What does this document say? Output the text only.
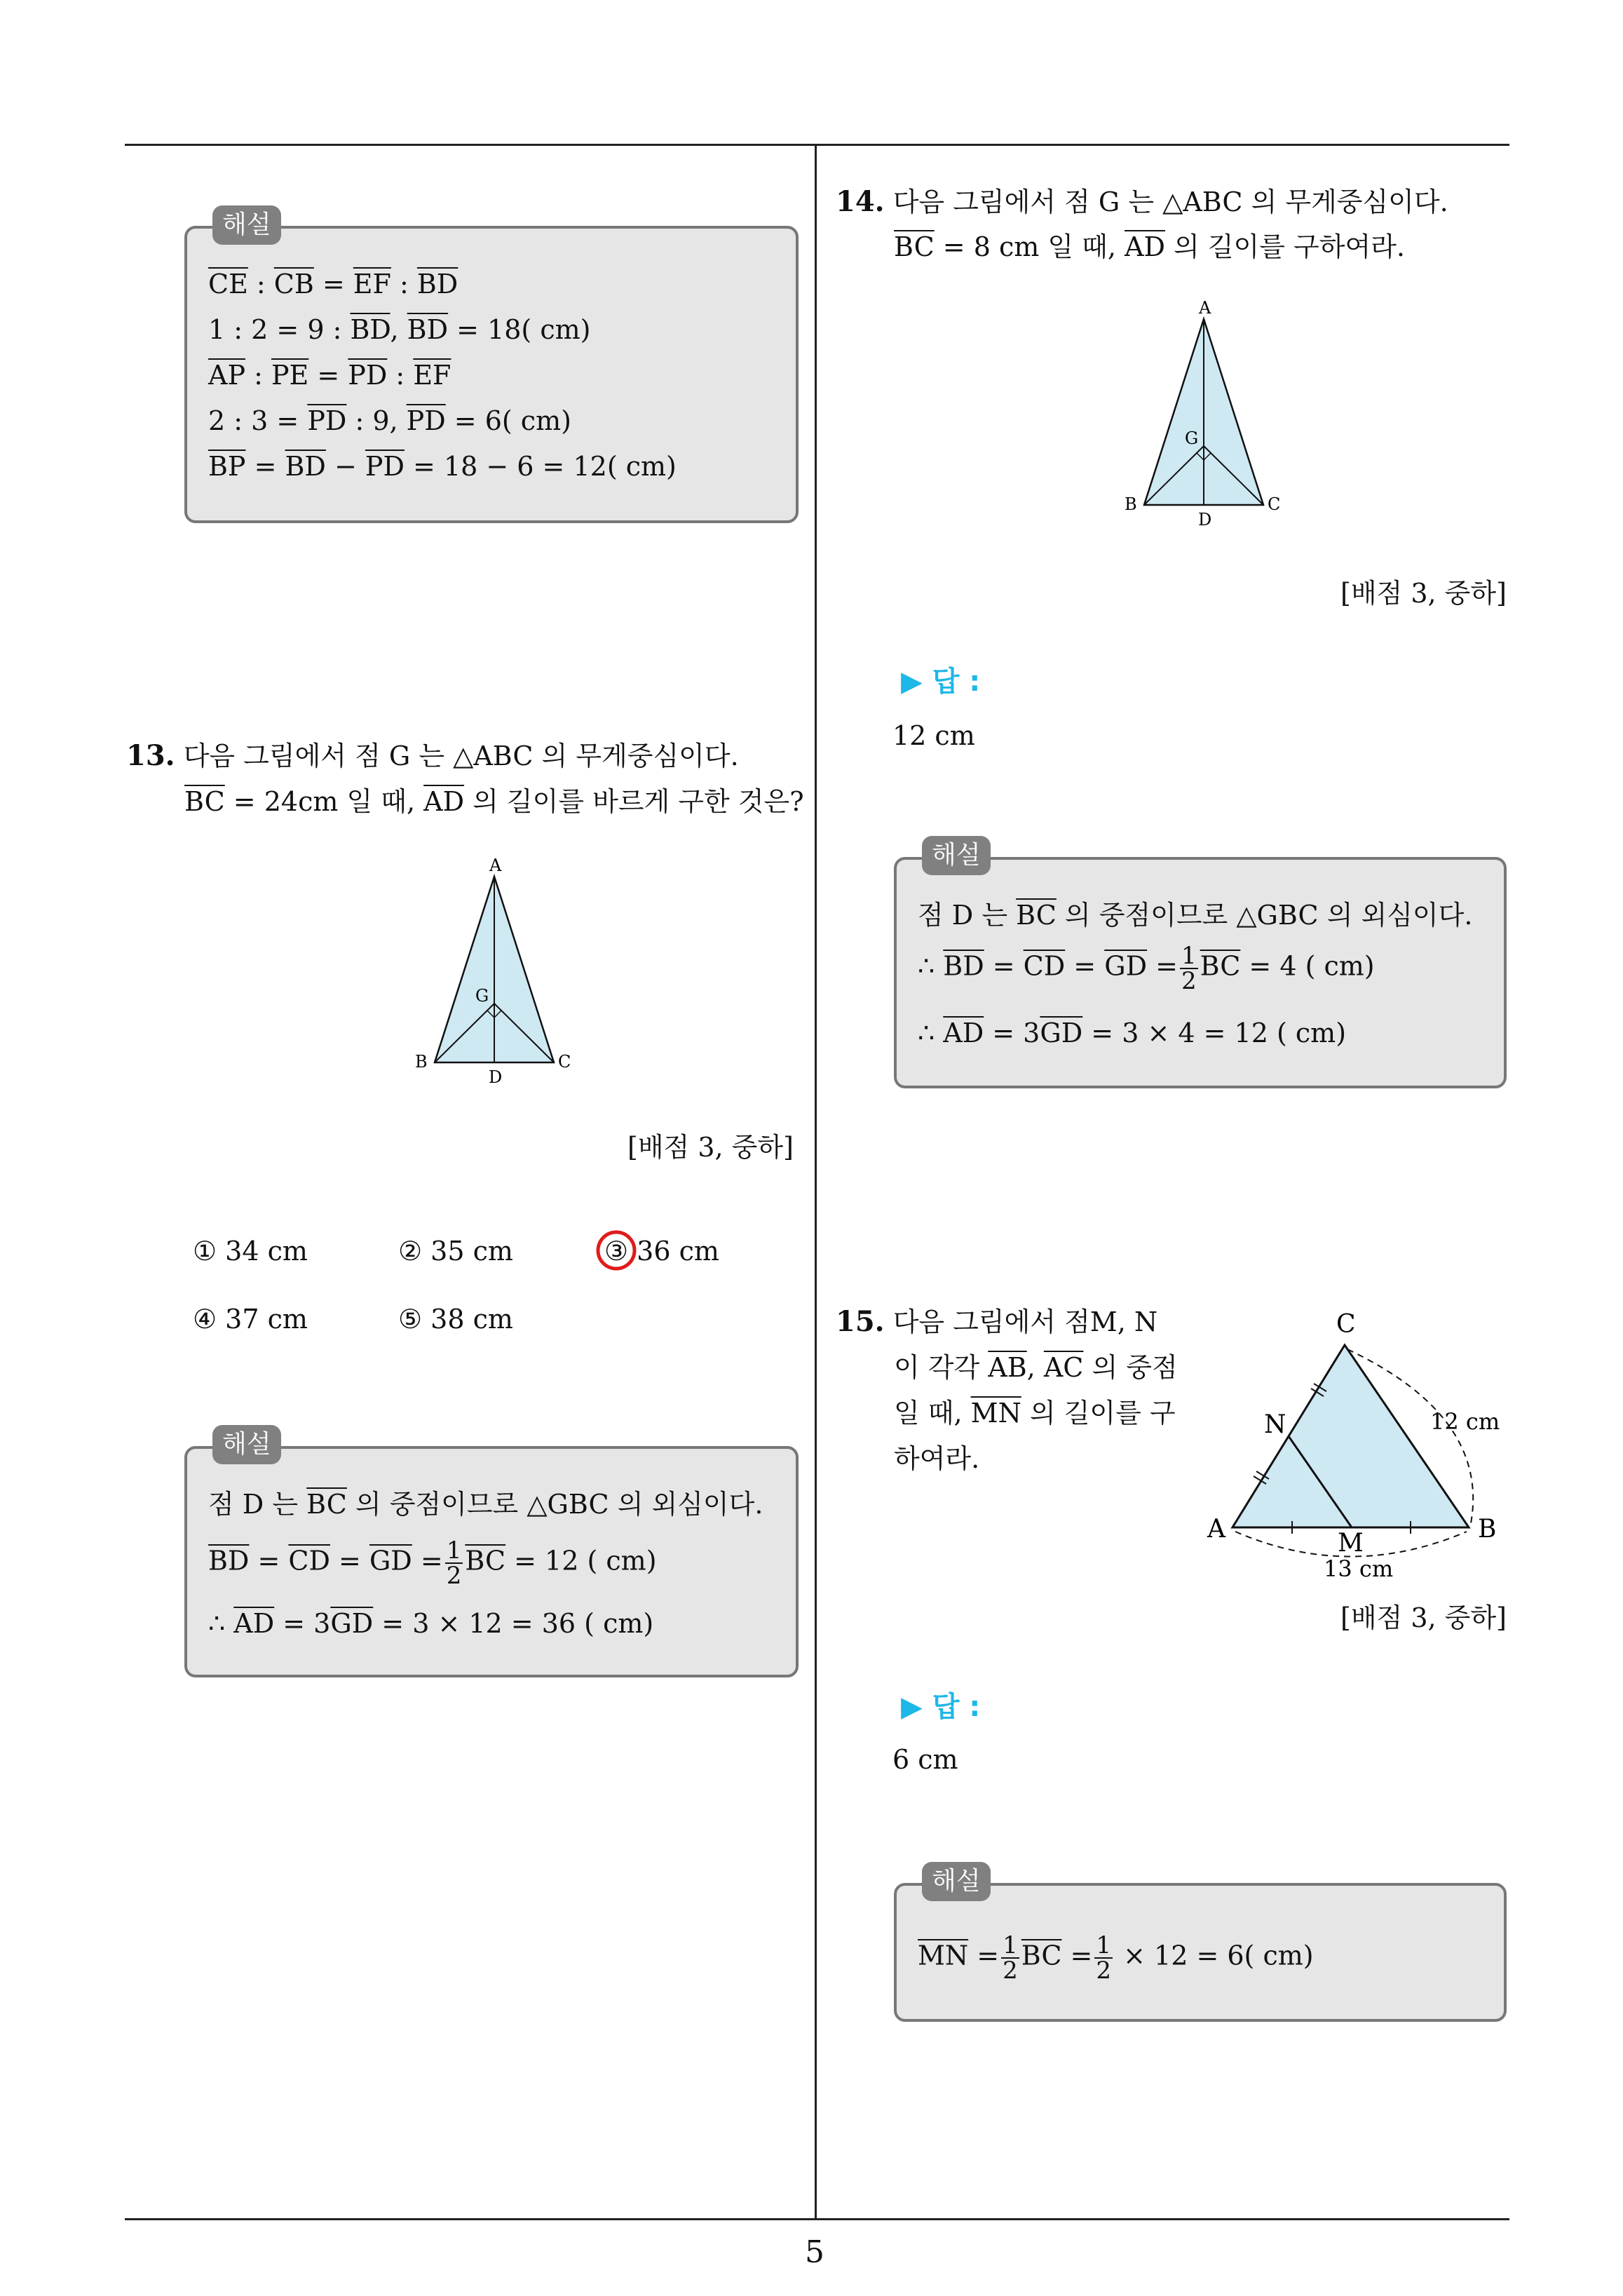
5
$\overline{CE}$ : $\overline{CB} = \overline{EF}$ : $\overline{BD}$
1 : 2 = 9 : $\overline{BD}$, $\overline{BD} = 18$( cm)
$\overline{AP}$ : $\overline{PE} = \overline{PD}$ : $\overline{EF}$
2 : $3 = \overline{PD}$ : 9, $\overline{PD} = 6$( cm)
$\overline{BP} = \overline{BD} - \overline{PD} = 18 - 6 = 12$( cm)
해설
13. 다음 그림에서 점 G 는 △ABC 의 무게중심이다.
$\overline{BC} = 24cm$ 일 때, $\overline{AD}$ 의 길이를 바르게 구한 것은?
A
G
B	C
D
[배점 3, 중하]
① 34 cm	② 35 cm	③ 36 cm
④ 37 cm	⑤ 38 cm
점 D 는 $\overline{BC}$ 의 중점이므로 △GBC 의 외심이다.
$\overline{BD} = \overline{CD} = \overline{GD} = \frac{1}{2} \overline{BC} = 12$ ( cm)
∴ $\overline{AD} = 3\overline{GD} = 3 \times 12 = 36$ ( cm)
해설
14. 다음 그림에서 점 G 는 △ABC 의 무게중심이다.
$\overline{BC} = 8$ cm 일 때, $\overline{AD}$ 의 길이를 구하여라.
A
G
B	C
D
[배점 3, 중하]
▶ 답 :
12 cm
점 D 는 $\overline{BC}$ 의 중점이므로 △GBC 의 외심이다.
∴ $\overline{BD} = \overline{CD} = \overline{GD} = \frac{1}{2} \overline{BC} = 4$ ( cm)
∴ $\overline{AD} = 3\overline{GD} = 3 \times 4 = 12$ ( cm)
해설
15. 다음 그림에서 점M, N
이 각각 $\overline{AB}$, $\overline{AC}$ 의 중점
일 때, $\overline{MN}$ 의 길이를 구
하여라.
C
N
A	B
M
12 cm
13 cm
[배점 3, 중하]
▶ 답 :
6 cm
$\overline{MN} = \frac{1}{2} \overline{BC} = \frac{1}{2} \times 12 = 6$( cm)
해설
